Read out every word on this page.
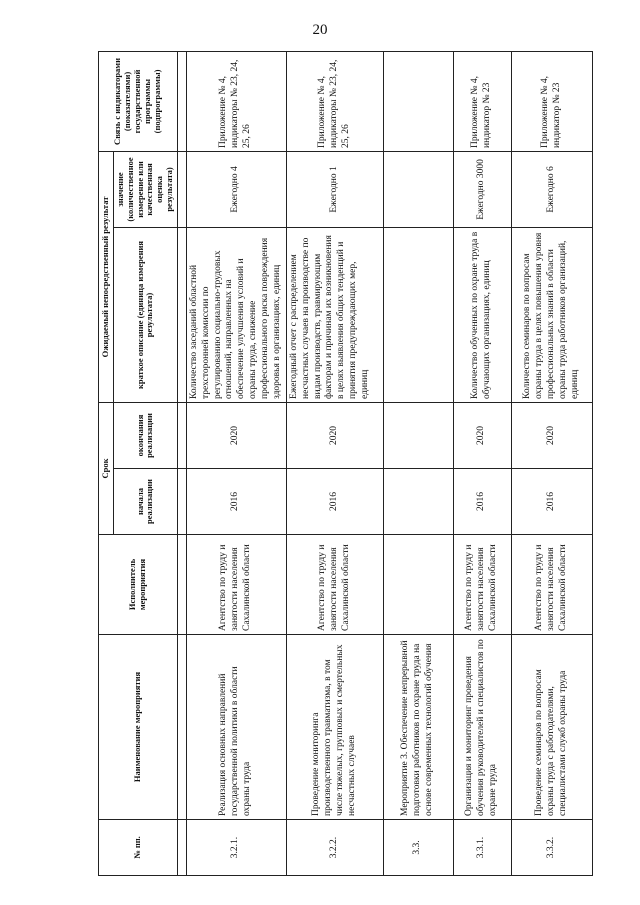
20
№ пп.	Наименование мероприятия	Исполнитель мероприятия	Срок		Ожидаемый непосредственный результат		Связь с индикаторами (показателями) государственной программы (подпрограммы)
			начала реализации	окончания реализации	краткое описание (единица измерения результата)	значение (количественное измерение или качественная оценка результата)	

3.2.1.	Реализация основных направлений государственной политики в области охраны труда	Агентство по труду и занятости населения Сахалинской области	2016	2020	Количество заседаний областной трехсторонней комиссии по регулированию социально-трудовых отношений, направленных на обеспечение улучшения условий и охраны труда, снижение профессионального риска повреждения здоровья в организациях, единиц	Ежегодно 4	Приложение № 4, индикаторы № 23, 24, 25, 26
3.2.2.	Проведение мониторинга производственного травматизма, в том числе тяжелых, групповых и смертельных несчастных случаев	Агентство по труду и занятости населения Сахалинской области	2016	2020	Ежегодный отчет с распределением несчастных случаев на производстве по видам производств, травмирующим факторам и причинам их возникновения в целях выявления общих тенденций и принятия предупреждающих мер, единиц	Ежегодно 1	Приложение № 4, индикаторы № 23, 24, 25, 26
3.3.	Мероприятие 3. Обеспечение непрерывной подготовки работников по охране труда на основе современных технологий обучения						
3.3.1.	Организация и мониторинг проведения обучения руководителей и специалистов по охране труда	Агентство по труду и занятости населения Сахалинской области	2016	2020	Количество обученных по охране труда в обучающих организациях, единиц	Ежегодно 3000	Приложение № 4, индикатор № 23
3.3.2.	Проведение семинаров по вопросам охраны труда с работодателями, специалистами служб охраны труда	Агентство по труду и занятости населения Сахалинской области	2016	2020	Количество семинаров по вопросам охраны труда в целях повышения уровня профессиональных знаний в области охраны труда работников организаций, единиц	Ежегодно 6	Приложение № 4, индикатор № 23
